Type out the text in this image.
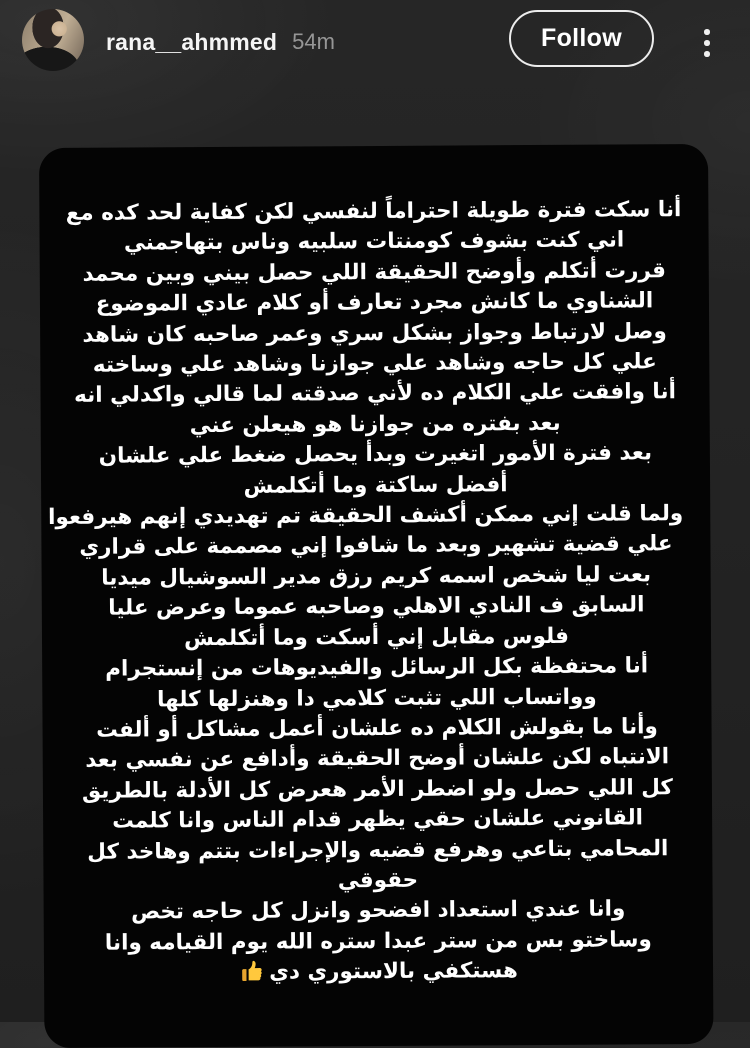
rana__ahmmed 54m	Follow
أنا سكت فترة طويلة احتراماً لنفسي لكن كفاية لحد كده مع
اني كنت بشوف كومنتات سلبيه وناس بتهاجمني
قررت أتكلم وأوضح الحقيقة اللي حصل بيني وبين محمد
الشناوي ما كانش مجرد تعارف أو كلام عادي الموضوع
وصل لارتباط وجواز بشكل سري وعمر صاحبه كان شاهد
علي كل حاجه وشاهد علي جوازنا وشاهد علي وساخته
أنا وافقت علي الكلام ده لأني صدقته لما قالي واكدلي انه
بعد بفتره من جوازنا هو هيعلن عني
بعد فترة الأمور اتغيرت وبدأ يحصل ضغط علي علشان
أفضل ساكتة وما أتكلمش
ولما قلت إني ممكن أكشف الحقيقة تم تهديدي إنهم هيرفعوا
علي قضية تشهير وبعد ما شافوا إني مصممة على قراري
بعت ليا شخص اسمه كريم رزق مدير السوشيال ميديا
السابق ف النادي الاهلي وصاحبه عموما وعرض عليا
فلوس مقابل إني أسكت وما أتكلمش
أنا محتفظة بكل الرسائل والفيديوهات من إنستجرام
وواتساب اللي تثبت كلامي دا وهنزلها كلها
وأنا ما بقولش الكلام ده علشان أعمل مشاكل أو ألفت
الانتباه لكن علشان أوضح الحقيقة وأدافع عن نفسي بعد
كل اللي حصل ولو اضطر الأمر هعرض كل الأدلة بالطريق
القانوني علشان حقي يظهر قدام الناس وانا كلمت
المحامي بتاعي وهرفع قضيه والإجراءات بتتم وهاخد كل
حقوقي
وانا عندي استعداد افضحو وانزل كل حاجه تخص
وساختو بس من ستر عبدا ستره الله يوم القيامه وانا
هستكفي بالاستوري دي
